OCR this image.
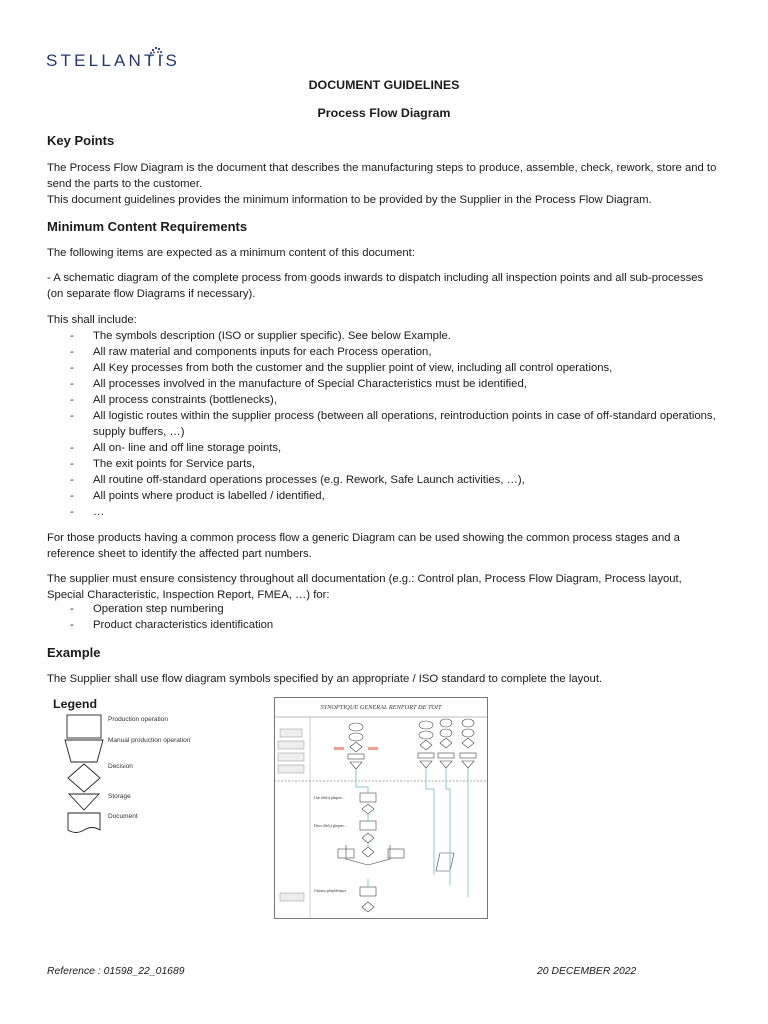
STELLANTIS
DOCUMENT GUIDELINES
Process Flow Diagram
Key Points
The Process Flow Diagram is the document that describes the manufacturing steps to produce, assemble, check, rework, store and to send the parts to the customer.
This document guidelines provides the minimum information to be provided by the Supplier in the Process Flow Diagram.
Minimum Content Requirements
The following items are expected as a minimum content of this document:
- A schematic diagram of the complete process from goods inwards to dispatch including all inspection points and all sub-processes (on separate flow Diagrams if necessary).
This shall include:
- The symbols description (ISO or supplier specific). See below Example.
- All raw material and components inputs for each Process operation,
- All Key processes from both the customer and the supplier point of view, including all control operations,
- All processes involved in the manufacture of Special Characteristics must be identified,
- All process constraints (bottlenecks),
- All logistic routes within the supplier process (between all operations, reintroduction points in case of off-standard operations, supply buffers, …)
- All on- line and off line storage points,
- The exit points for Service parts,
- All routine off-standard operations processes (e.g. Rework, Safe Launch activities, …),
- All points where product is labelled / identified,
- …
For those products having a common process flow a generic Diagram can be used showing the common process stages and a reference sheet to identify the affected part numbers.
The supplier must ensure consistency throughout all documentation (e.g.: Control plan, Process Flow Diagram, Process layout, Special Characteristic, Inspection Report, FMEA, …) for:
- Operation step numbering
- Product characteristics identification
Example
The Supplier shall use flow diagram symbols specified by an appropriate / ISO standard to complete the layout.
Legend
Production operation
Manual production operation
Decision
Storage
Document
SYNOPTIQUE GENERAL RENFORT DE TOIT
Une tôle(s) plaques...
Deux tôle(s) plaques...
Oiseaux périphériques
Reference : 01598_22_01689	20 DECEMBER 2022
